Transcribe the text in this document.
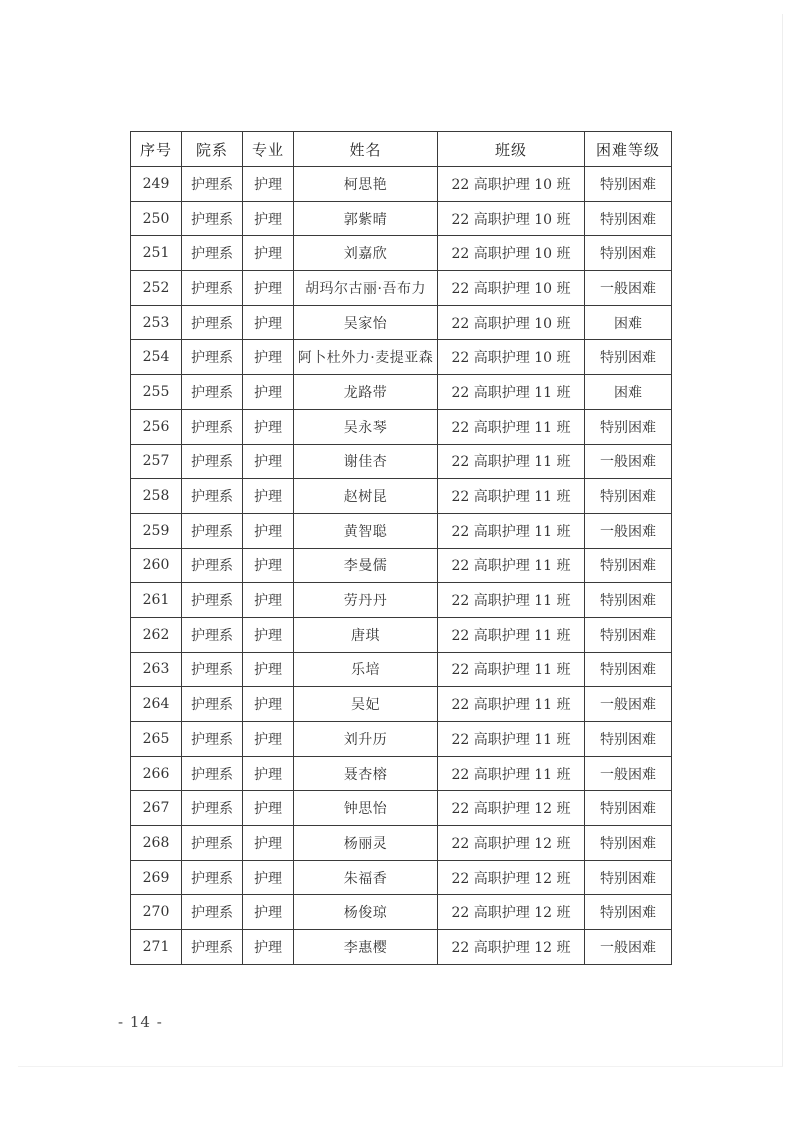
序号	院系	专业	姓名	班级	困难等级
249	护理系	护理	柯思艳	22 高职护理 10 班	特别困难
250	护理系	护理	郭紫晴	22 高职护理 10 班	特别困难
251	护理系	护理	刘嘉欣	22 高职护理 10 班	特别困难
252	护理系	护理	胡玛尔古丽·吾布力	22 高职护理 10 班	一般困难
253	护理系	护理	吴家怡	22 高职护理 10 班	困难
254	护理系	护理	阿卜杜外力·麦提亚森	22 高职护理 10 班	特别困难
255	护理系	护理	龙路带	22 高职护理 11 班	困难
256	护理系	护理	吴永琴	22 高职护理 11 班	特别困难
257	护理系	护理	谢佳杏	22 高职护理 11 班	一般困难
258	护理系	护理	赵树昆	22 高职护理 11 班	特别困难
259	护理系	护理	黄智聪	22 高职护理 11 班	一般困难
260	护理系	护理	李曼儒	22 高职护理 11 班	特别困难
261	护理系	护理	劳丹丹	22 高职护理 11 班	特别困难
262	护理系	护理	唐琪	22 高职护理 11 班	特别困难
263	护理系	护理	乐培	22 高职护理 11 班	特别困难
264	护理系	护理	吴妃	22 高职护理 11 班	一般困难
265	护理系	护理	刘升历	22 高职护理 11 班	特别困难
266	护理系	护理	聂杏榕	22 高职护理 11 班	一般困难
267	护理系	护理	钟思怡	22 高职护理 12 班	特别困难
268	护理系	护理	杨丽灵	22 高职护理 12 班	特别困难
269	护理系	护理	朱福香	22 高职护理 12 班	特别困难
270	护理系	护理	杨俊琼	22 高职护理 12 班	特别困难
271	护理系	护理	李惠樱	22 高职护理 12 班	一般困难
- 14 -
